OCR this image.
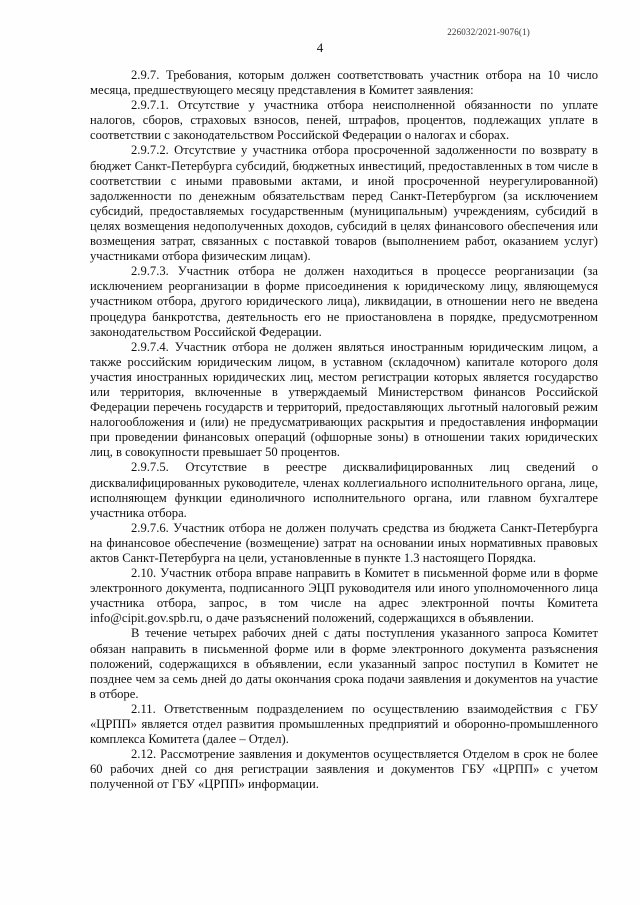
226032/2021-9076(1)
4

2.9.7. Требования, которым должен соответствовать участник отбора на 10 число месяца, предшествующего месяцу представления в Комитет заявления:

2.9.7.1. Отсутствие у участника отбора неисполненной обязанности по уплате налогов, сборов, страховых взносов, пеней, штрафов, процентов, подлежащих уплате в соответствии с законодательством Российской Федерации о налогах и сборах.

2.9.7.2. Отсутствие у участника отбора просроченной задолженности по возврату в бюджет Санкт-Петербурга субсидий, бюджетных инвестиций, предоставленных в том числе в соответствии с иными правовыми актами, и иной просроченной неурегулированной) задолженности по денежным обязательствам перед Санкт-Петербургом (за исключением субсидий, предоставляемых государственным (муниципальным) учреждениям, субсидий в целях возмещения недополученных доходов, субсидий в целях финансового обеспечения или возмещения затрат, связанных с поставкой товаров (выполнением работ, оказанием услуг) участниками отбора физическим лицам).

2.9.7.3. Участник отбора не должен находиться в процессе реорганизации (за исключением реорганизации в форме присоединения к юридическому лицу, являющемуся участником отбора, другого юридического лица), ликвидации, в отношении него не введена процедура банкротства, деятельность его не приостановлена в порядке, предусмотренном законодательством Российской Федерации.

2.9.7.4. Участник отбора не должен являться иностранным юридическим лицом, а также российским юридическим лицом, в уставном (складочном) капитале которого доля участия иностранных юридических лиц, местом регистрации которых является государство или территория, включенные в утверждаемый Министерством финансов Российской Федерации перечень государств и территорий, предоставляющих льготный налоговый режим налогообложения и (или) не предусматривающих раскрытия и предоставления информации при проведении финансовых операций (офшорные зоны) в отношении таких юридических лиц, в совокупности превышает 50 процентов.

2.9.7.5. Отсутствие в реестре дисквалифицированных лиц сведений о дисквалифицированных руководителе, членах коллегиального исполнительного органа, лице, исполняющем функции единоличного исполнительного органа, или главном бухгалтере участника отбора.

2.9.7.6. Участник отбора не должен получать средства из бюджета Санкт-Петербурга на финансовое обеспечение (возмещение) затрат на основании иных нормативных правовых актов Санкт-Петербурга на цели, установленные в пункте 1.3 настоящего Порядка.

2.10. Участник отбора вправе направить в Комитет в письменной форме или в форме электронного документа, подписанного ЭЦП руководителя или иного уполномоченного лица участника отбора, запрос, в том числе на адрес электронной почты Комитета info@cipit.gov.spb.ru, о даче разъяснений положений, содержащихся в объявлении.

В течение четырех рабочих дней с даты поступления указанного запроса Комитет обязан направить в письменной форме или в форме электронного документа разъяснения положений, содержащихся в объявлении, если указанный запрос поступил в Комитет не позднее чем за семь дней до даты окончания срока подачи заявления и документов на участие в отборе.

2.11. Ответственным подразделением по осуществлению взаимодействия с ГБУ «ЦРПП» является отдел развития промышленных предприятий и оборонно-промышленного комплекса Комитета (далее – Отдел).

2.12. Рассмотрение заявления и документов осуществляется Отделом в срок не более 60 рабочих дней со дня регистрации заявления и документов ГБУ «ЦРПП» с учетом полученной от ГБУ «ЦРПП» информации.
